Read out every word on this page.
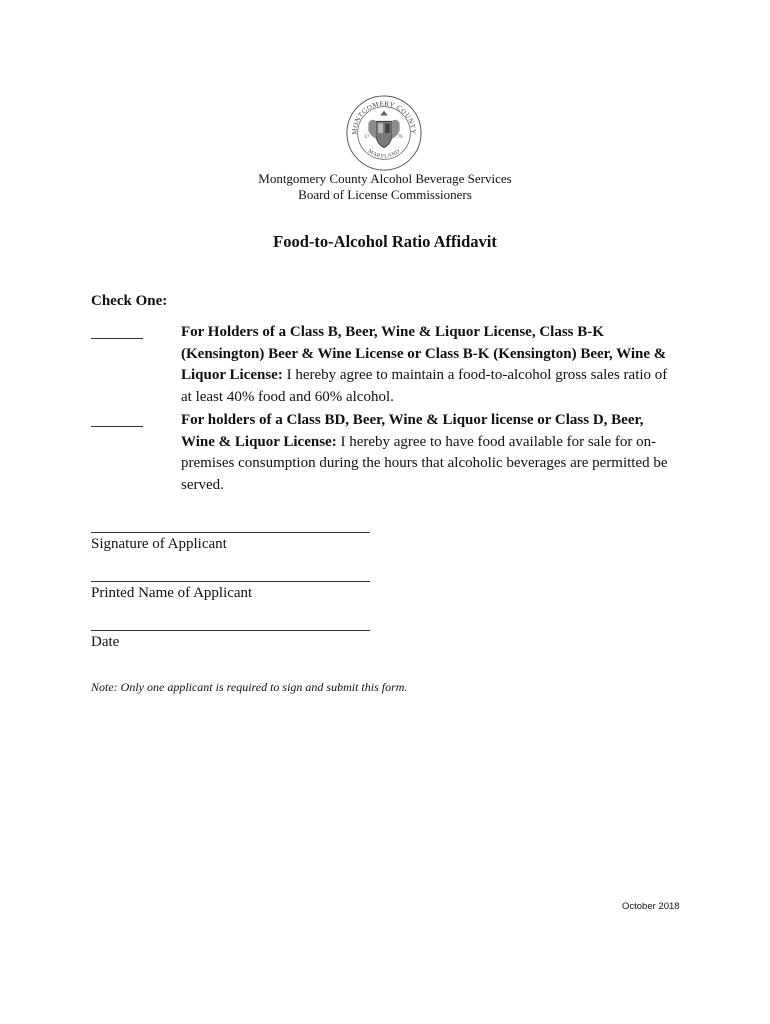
MONTGOMERY COUNTY
MARYLAND
17	76
Montgomery County Alcohol Beverage Services
Board of License Commissioners
Food-to-Alcohol Ratio Affidavit
Check One:
For Holders of a Class B, Beer, Wine & Liquor License, Class B-K (Kensington) Beer & Wine License or Class B-K (Kensington) Beer, Wine & Liquor License: I hereby agree to maintain a food-to-alcohol gross sales ratio of at least 40% food and 60% alcohol.
For holders of a Class BD, Beer, Wine & Liquor license or Class D, Beer, Wine & Liquor License: I hereby agree to have food available for sale for on-premises consumption during the hours that alcoholic beverages are permitted be served.
Signature of Applicant
Printed Name of Applicant
Date
Note: Only one applicant is required to sign and submit this form.
October 2018
